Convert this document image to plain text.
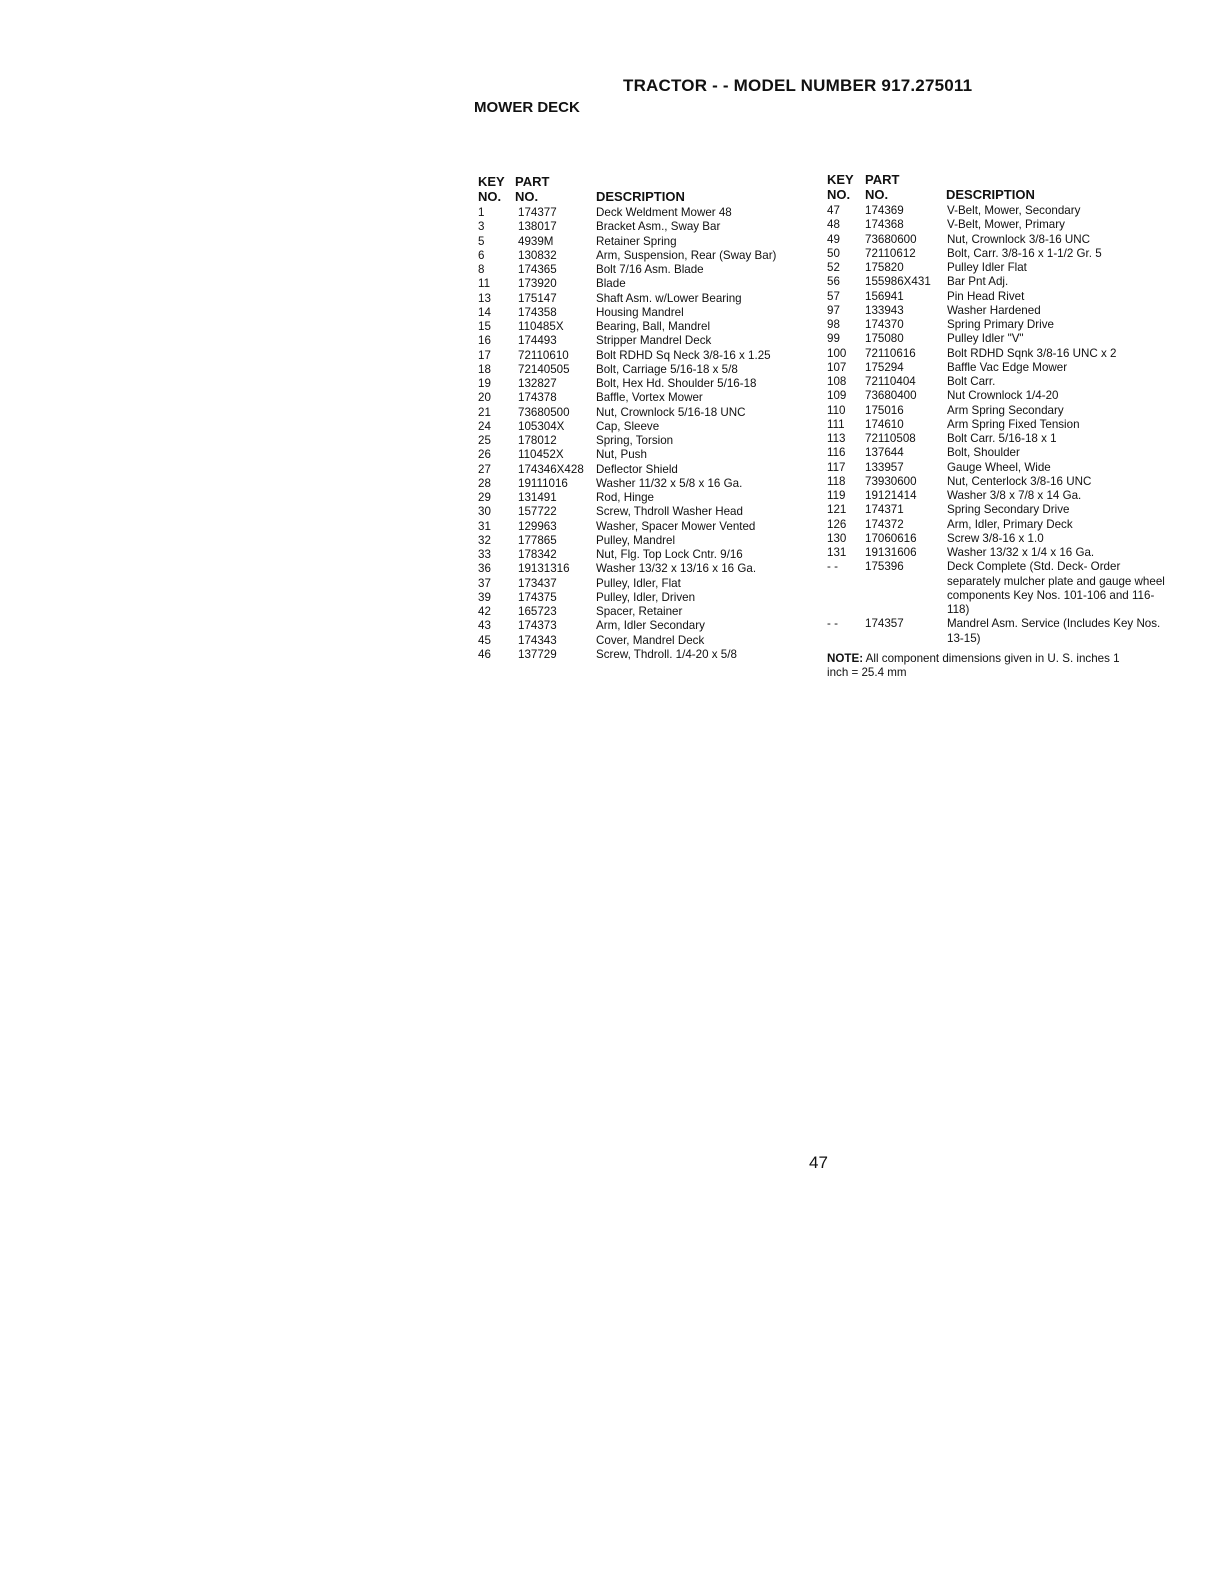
TRACTOR - - MODEL NUMBER 917.275011
MOWER DECK
KEY
NO.
PART
NO.	DESCRIPTION
1	174377	Deck Weldment Mower 48
3	138017	Bracket Asm., Sway Bar
5	4939M	Retainer Spring
6	130832	Arm, Suspension, Rear (Sway Bar)
8	174365	Bolt 7/16 Asm. Blade
11	173920	Blade
13	175147	Shaft Asm. w/Lower Bearing
14	174358	Housing Mandrel
15	110485X	Bearing, Ball, Mandrel
16	174493	Stripper Mandrel Deck
17	72110610	Bolt RDHD Sq Neck 3/8-16 x 1.25
18	72140505	Bolt, Carriage 5/16-18 x 5/8
19	132827	Bolt, Hex Hd. Shoulder 5/16-18
20	174378	Baffle, Vortex Mower
21	73680500	Nut, Crownlock 5/16-18 UNC
24	105304X	Cap, Sleeve
25	178012	Spring, Torsion
26	110452X	Nut, Push
27	174346X428	Deflector Shield
28	19111016	Washer 11/32 x 5/8 x 16 Ga.
29	131491	Rod, Hinge
30	157722	Screw, Thdroll Washer Head
31	129963	Washer, Spacer Mower Vented
32	177865	Pulley, Mandrel
33	178342	Nut, Flg. Top Lock Cntr. 9/16
36	19131316	Washer 13/32 x 13/16 x 16 Ga.
37	173437	Pulley, Idler, Flat
39	174375	Pulley, Idler, Driven
42	165723	Spacer, Retainer
43	174373	Arm, Idler Secondary
45	174343	Cover, Mandrel Deck
46	137729	Screw, Thdroll. 1/4-20 x 5/8
KEY
NO.
PART
NO.	DESCRIPTION
47	174369	V-Belt, Mower, Secondary
48	174368	V-Belt, Mower, Primary
49	73680600	Nut, Crownlock 3/8-16 UNC
50	72110612	Bolt, Carr. 3/8-16 x 1-1/2 Gr. 5
52	175820	Pulley Idler Flat
56	155986X431	Bar Pnt Adj.
57	156941	Pin Head Rivet
97	133943	Washer Hardened
98	174370	Spring Primary Drive
99	175080	Pulley Idler "V"
100	72110616	Bolt RDHD Sqnk 3/8-16 UNC x 2
107	175294	Baffle Vac Edge Mower
108	72110404	Bolt Carr.
109	73680400	Nut Crownlock 1/4-20
110	175016	Arm Spring Secondary
111	174610	Arm Spring Fixed Tension
113	72110508	Bolt Carr. 5/16-18 x 1
116	137644	Bolt, Shoulder
117	133957	Gauge Wheel, Wide
118	73930600	Nut, Centerlock 3/8-16 UNC
119	19121414	Washer 3/8 x 7/8 x 14 Ga.
121	174371	Spring Secondary Drive
126	174372	Arm, Idler, Primary Deck
130	17060616	Screw 3/8-16 x 1.0
131	19131606	Washer 13/32 x 1/4 x 16 Ga.
- -	175396	Deck Complete (Std. Deck- Order separately mulcher plate and gauge wheel components Key Nos. 101-106 and 116-118)
- -	174357	Mandrel Asm. Service (Includes Key Nos. 13-15)
NOTE: All component dimensions given in U. S. inches 1 inch = 25.4 mm
47
